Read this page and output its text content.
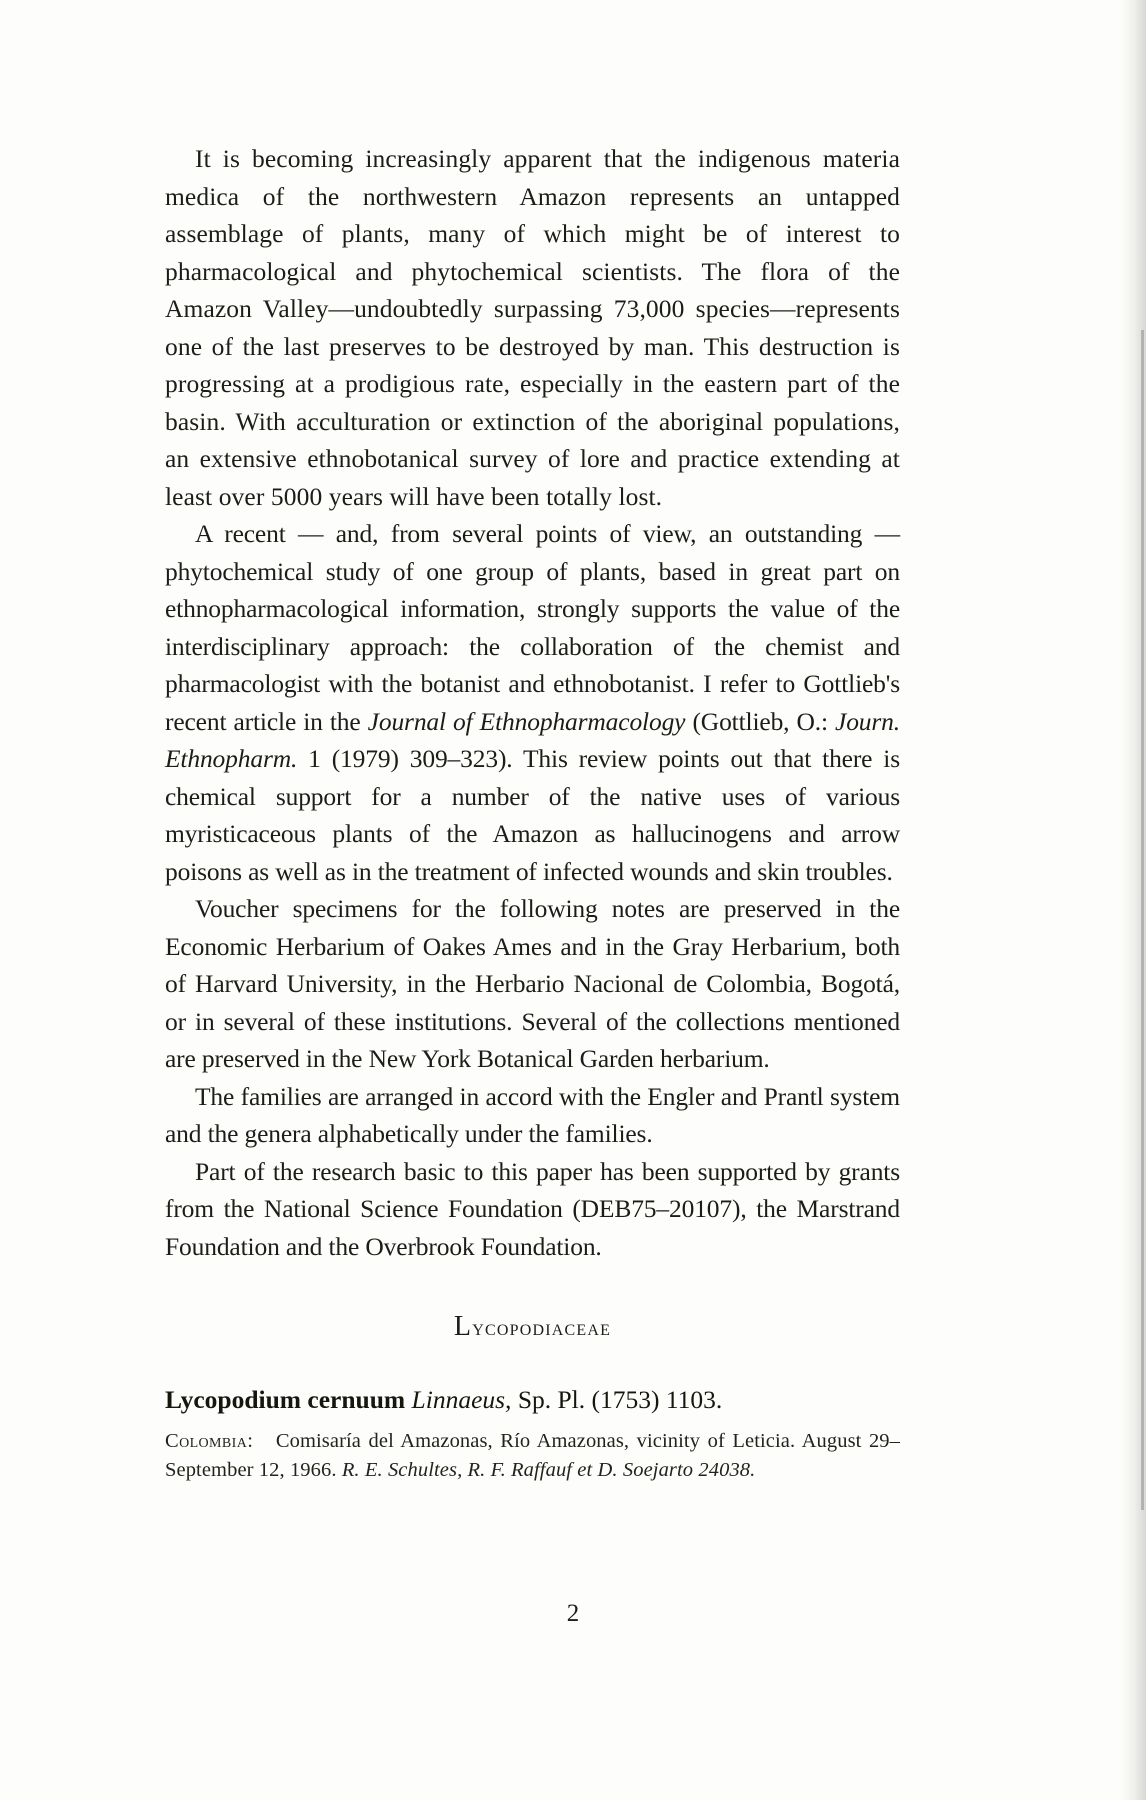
It is becoming increasingly apparent that the indigenous materia medica of the northwestern Amazon represents an untapped assemblage of plants, many of which might be of interest to pharmacological and phytochemical scientists. The flora of the Amazon Valley—undoubtedly surpassing 73,000 species—represents one of the last preserves to be destroyed by man. This destruction is progressing at a prodigious rate, especially in the eastern part of the basin. With acculturation or extinction of the aboriginal populations, an extensive ethnobotanical survey of lore and practice extending at least over 5000 years will have been totally lost.

A recent — and, from several points of view, an outstanding — phytochemical study of one group of plants, based in great part on ethnopharmacological information, strongly supports the value of the interdisciplinary approach: the collaboration of the chemist and pharmacologist with the botanist and ethnobotanist. I refer to Gottlieb's recent article in the Journal of Ethnopharmacology (Gottlieb, O.: Journ. Ethnopharm. 1 (1979) 309–323). This review points out that there is chemical support for a number of the native uses of various myristicaceous plants of the Amazon as hallucinogens and arrow poisons as well as in the treatment of infected wounds and skin troubles.

Voucher specimens for the following notes are preserved in the Economic Herbarium of Oakes Ames and in the Gray Herbarium, both of Harvard University, in the Herbario Nacional de Colombia, Bogotá, or in several of these institutions. Several of the collections mentioned are preserved in the New York Botanical Garden herbarium.

The families are arranged in accord with the Engler and Prantl system and the genera alphabetically under the families.

Part of the research basic to this paper has been supported by grants from the National Science Foundation (DEB75–20107), the Marstrand Foundation and the Overbrook Foundation.

Lycopodiaceae
Lycopodium cernuum Linnaeus, Sp. Pl. (1753) 1103.
Colombia: Comisaría del Amazonas, Río Amazonas, vicinity of Leticia. August 29–September 12, 1966. R. E. Schultes, R. F. Raffauf et D. Soejarto 24038.
2
